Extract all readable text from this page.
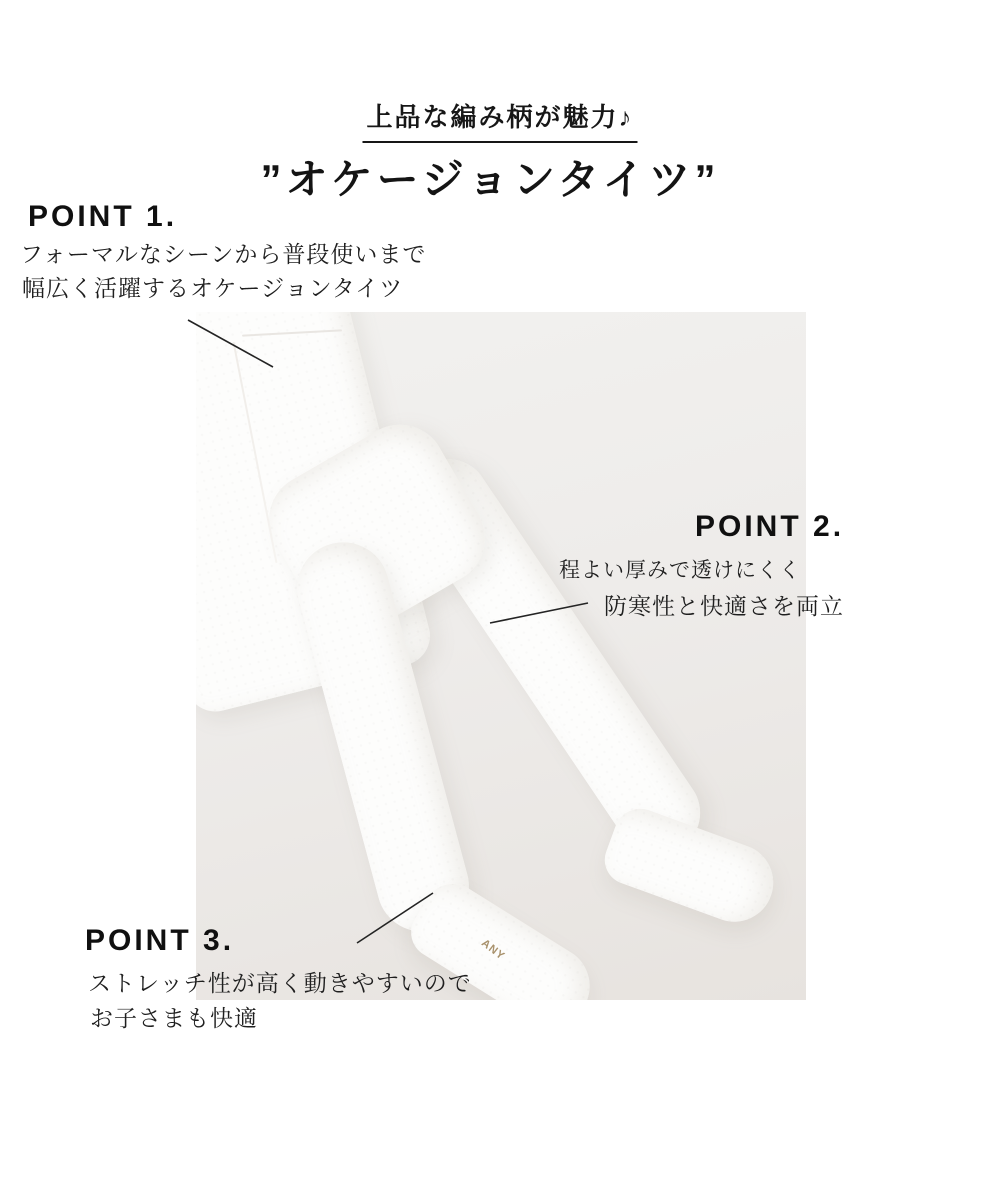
上品な編み柄が魅力♪
”オケージョンタイツ”
POINT 1.
フォーマルなシーンから普段使いまで
幅広く活躍するオケージョンタイツ
POINT 2.
程よい厚みで透けにくく
防寒性と快適さを両立
POINT 3.
ストレッチ性が高く動きやすいので
お子さまも快適
ANY
